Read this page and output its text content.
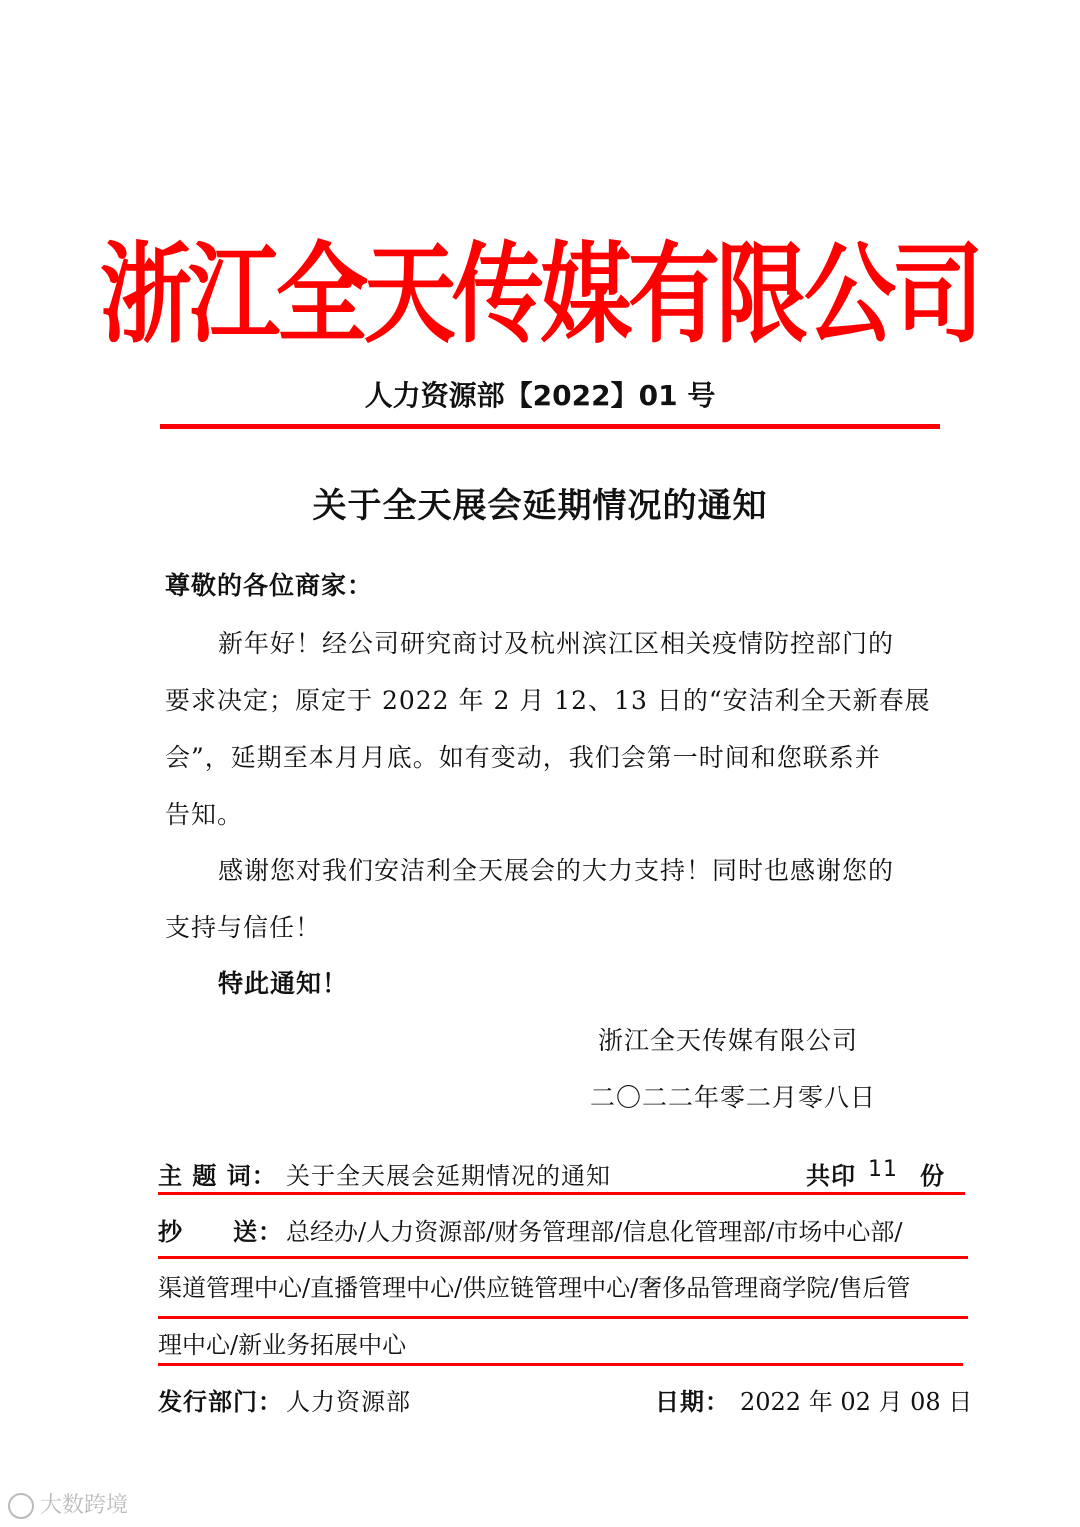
浙江全天传媒有限公司
人力资源部【2022】01 号
关于全天展会延期情况的通知
尊敬的各位商家：
新年好！经公司研究商讨及杭州滨江区相关疫情防控部门的
要求决定；原定于 2022 年 2 月 12、13 日的“安洁利全天新春展
会”，延期至本月月底。如有变动，我们会第一时间和您联系并
告知。
感谢您对我们安洁利全天展会的大力支持！同时也感谢您的
支持与信任！
特此通知！
浙江全天传媒有限公司
二〇二二年零二月零八日
主 题 词： 关于全天展会延期情况的通知	共印 11 份
抄　　送： 总经办/人力资源部/财务管理部/信息化管理部/市场中心部/
渠道管理中心/直播管理中心/供应链管理中心/奢侈品管理商学院/售后管
理中心/新业务拓展中心
发行部门： 人力资源部	日期： 2022 年 02 月 08 日
大数跨境
